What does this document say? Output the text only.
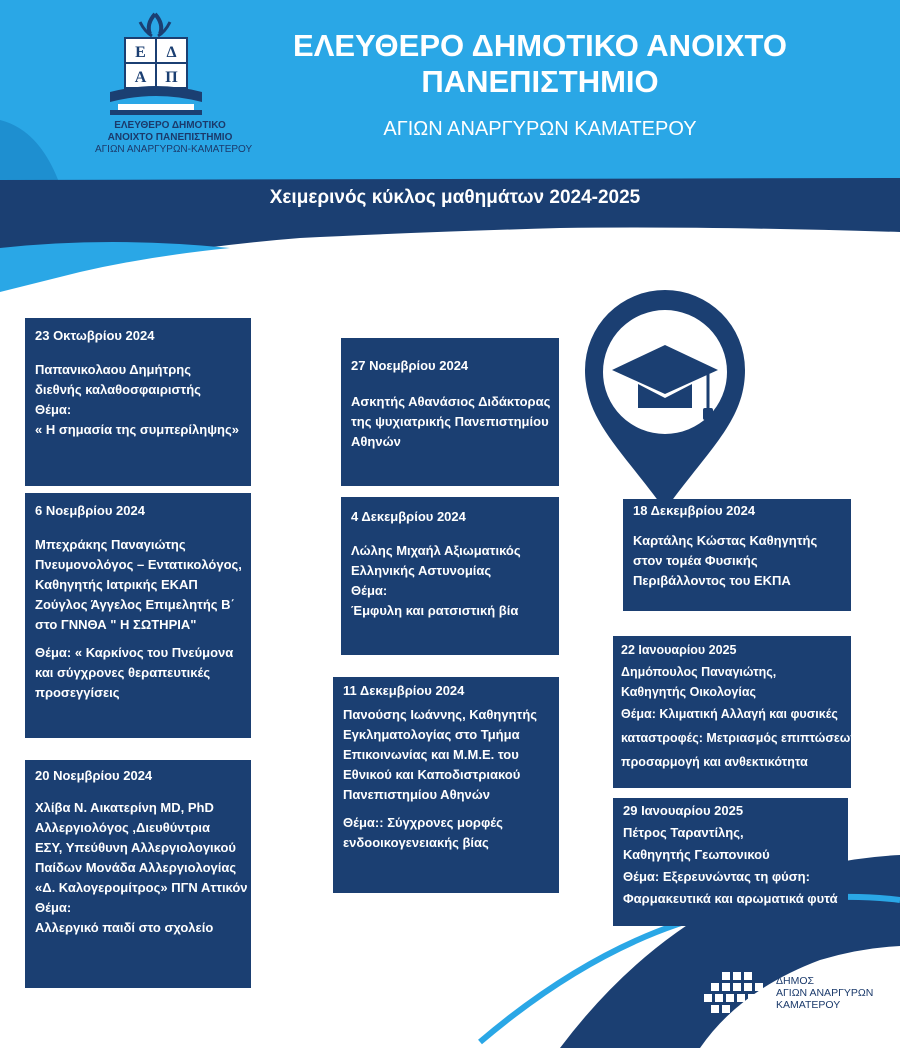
Ε Δ
Α Π
ΕΛΕΥΘΕΡΟ ΔΗΜΟΤΙΚΟ
ΑΝΟΙΧΤΟ ΠΑΝΕΠΙΣΤΗΜΙΟ
ΑΓΙΩΝ ΑΝΑΡΓΥΡΩΝ-ΚΑΜΑΤΕΡΟΥ
ΕΛΕΥΘΕΡΟ ΔΗΜΟΤΙΚΟ ΑΝΟΙΧΤΟ
ΠΑΝΕΠΙΣΤΗΜΙΟ
ΑΓΙΩΝ ΑΝΑΡΓΥΡΩΝ ΚΑΜΑΤΕΡΟΥ
Χειμερινός κύκλος μαθημάτων 2024-2025
23 Οκτωβρίου 2024
Παπανικολαου Δημήτρης
διεθνής καλαθοσφαιριστής
Θέμα:
« Η σημασία της συμπερίληψης»
6 Νοεμβρίου 2024
Μπεχράκης Παναγιώτης
Πνευμονολόγος – Εντατικολόγος,
Καθηγητής Ιατρικής ΕΚΑΠ
Ζούγλος Άγγελος Επιμελητής Β΄
στο ΓΝΝΘΑ " Η ΣΩΤΗΡΙΑ"
Θέμα: « Καρκίνος του Πνεύμονα
και σύγχρονες θεραπευτικές
προσεγγίσεις
20 Νοεμβρίου 2024
Χλίβα Ν. Αικατερίνη MD, PhD
Αλλεργιολόγος ,Διευθύντρια
ΕΣΥ, Υπεύθυνη Αλλεργιολογικού
Παίδων Μονάδα Αλλεργιολογίας
«Δ. Καλογερομίτρος» ΠΓΝ Αττικόν
Θέμα:
Αλλεργικό παιδί στο σχολείο
27 Νοεμβρίου 2024
Ασκητής Αθανάσιος Διδάκτορας
της ψυχιατρικής Πανεπιστημίου
Αθηνών
4 Δεκεμβρίου 2024
Λώλης Μιχαήλ Αξιωματικός
Ελληνικής Αστυνομίας
Θέμα:
Έμφυλη και ρατσιστική βία
11 Δεκεμβρίου 2024
Πανούσης Ιωάννης, Καθηγητής
Εγκληματολογίας στο Τμήμα
Επικοινωνίας και Μ.Μ.Ε. του
Εθνικού και Καποδιστριακού
Πανεπιστημίου Αθηνών
Θέμα:: Σύγχρονες μορφές
ενδοοικογενειακής βίας
18 Δεκεμβρίου 2024
Καρτάλης Κώστας Καθηγητής
στον τομέα Φυσικής
Περιβάλλοντος του ΕΚΠΑ
22 Ιανουαρίου 2025
Δημόπουλος Παναγιώτης,
Καθηγητής Οικολογίας
Θέμα: Κλιματική Αλλαγή και φυσικές
καταστροφές: Μετριασμός επιπτώσεων,
προσαρμογή και ανθεκτικότητα
29 Ιανουαρίου 2025
Πέτρος Ταραντίλης,
Καθηγητής Γεωπονικού
Θέμα: Εξερευνώντας τη φύση:
Φαρμακευτικά και αρωματικά φυτά
ΔΗΜΟΣ
ΑΓΙΩΝ ΑΝΑΡΓΥΡΩΝ
ΚΑΜΑΤΕΡΟΥ
